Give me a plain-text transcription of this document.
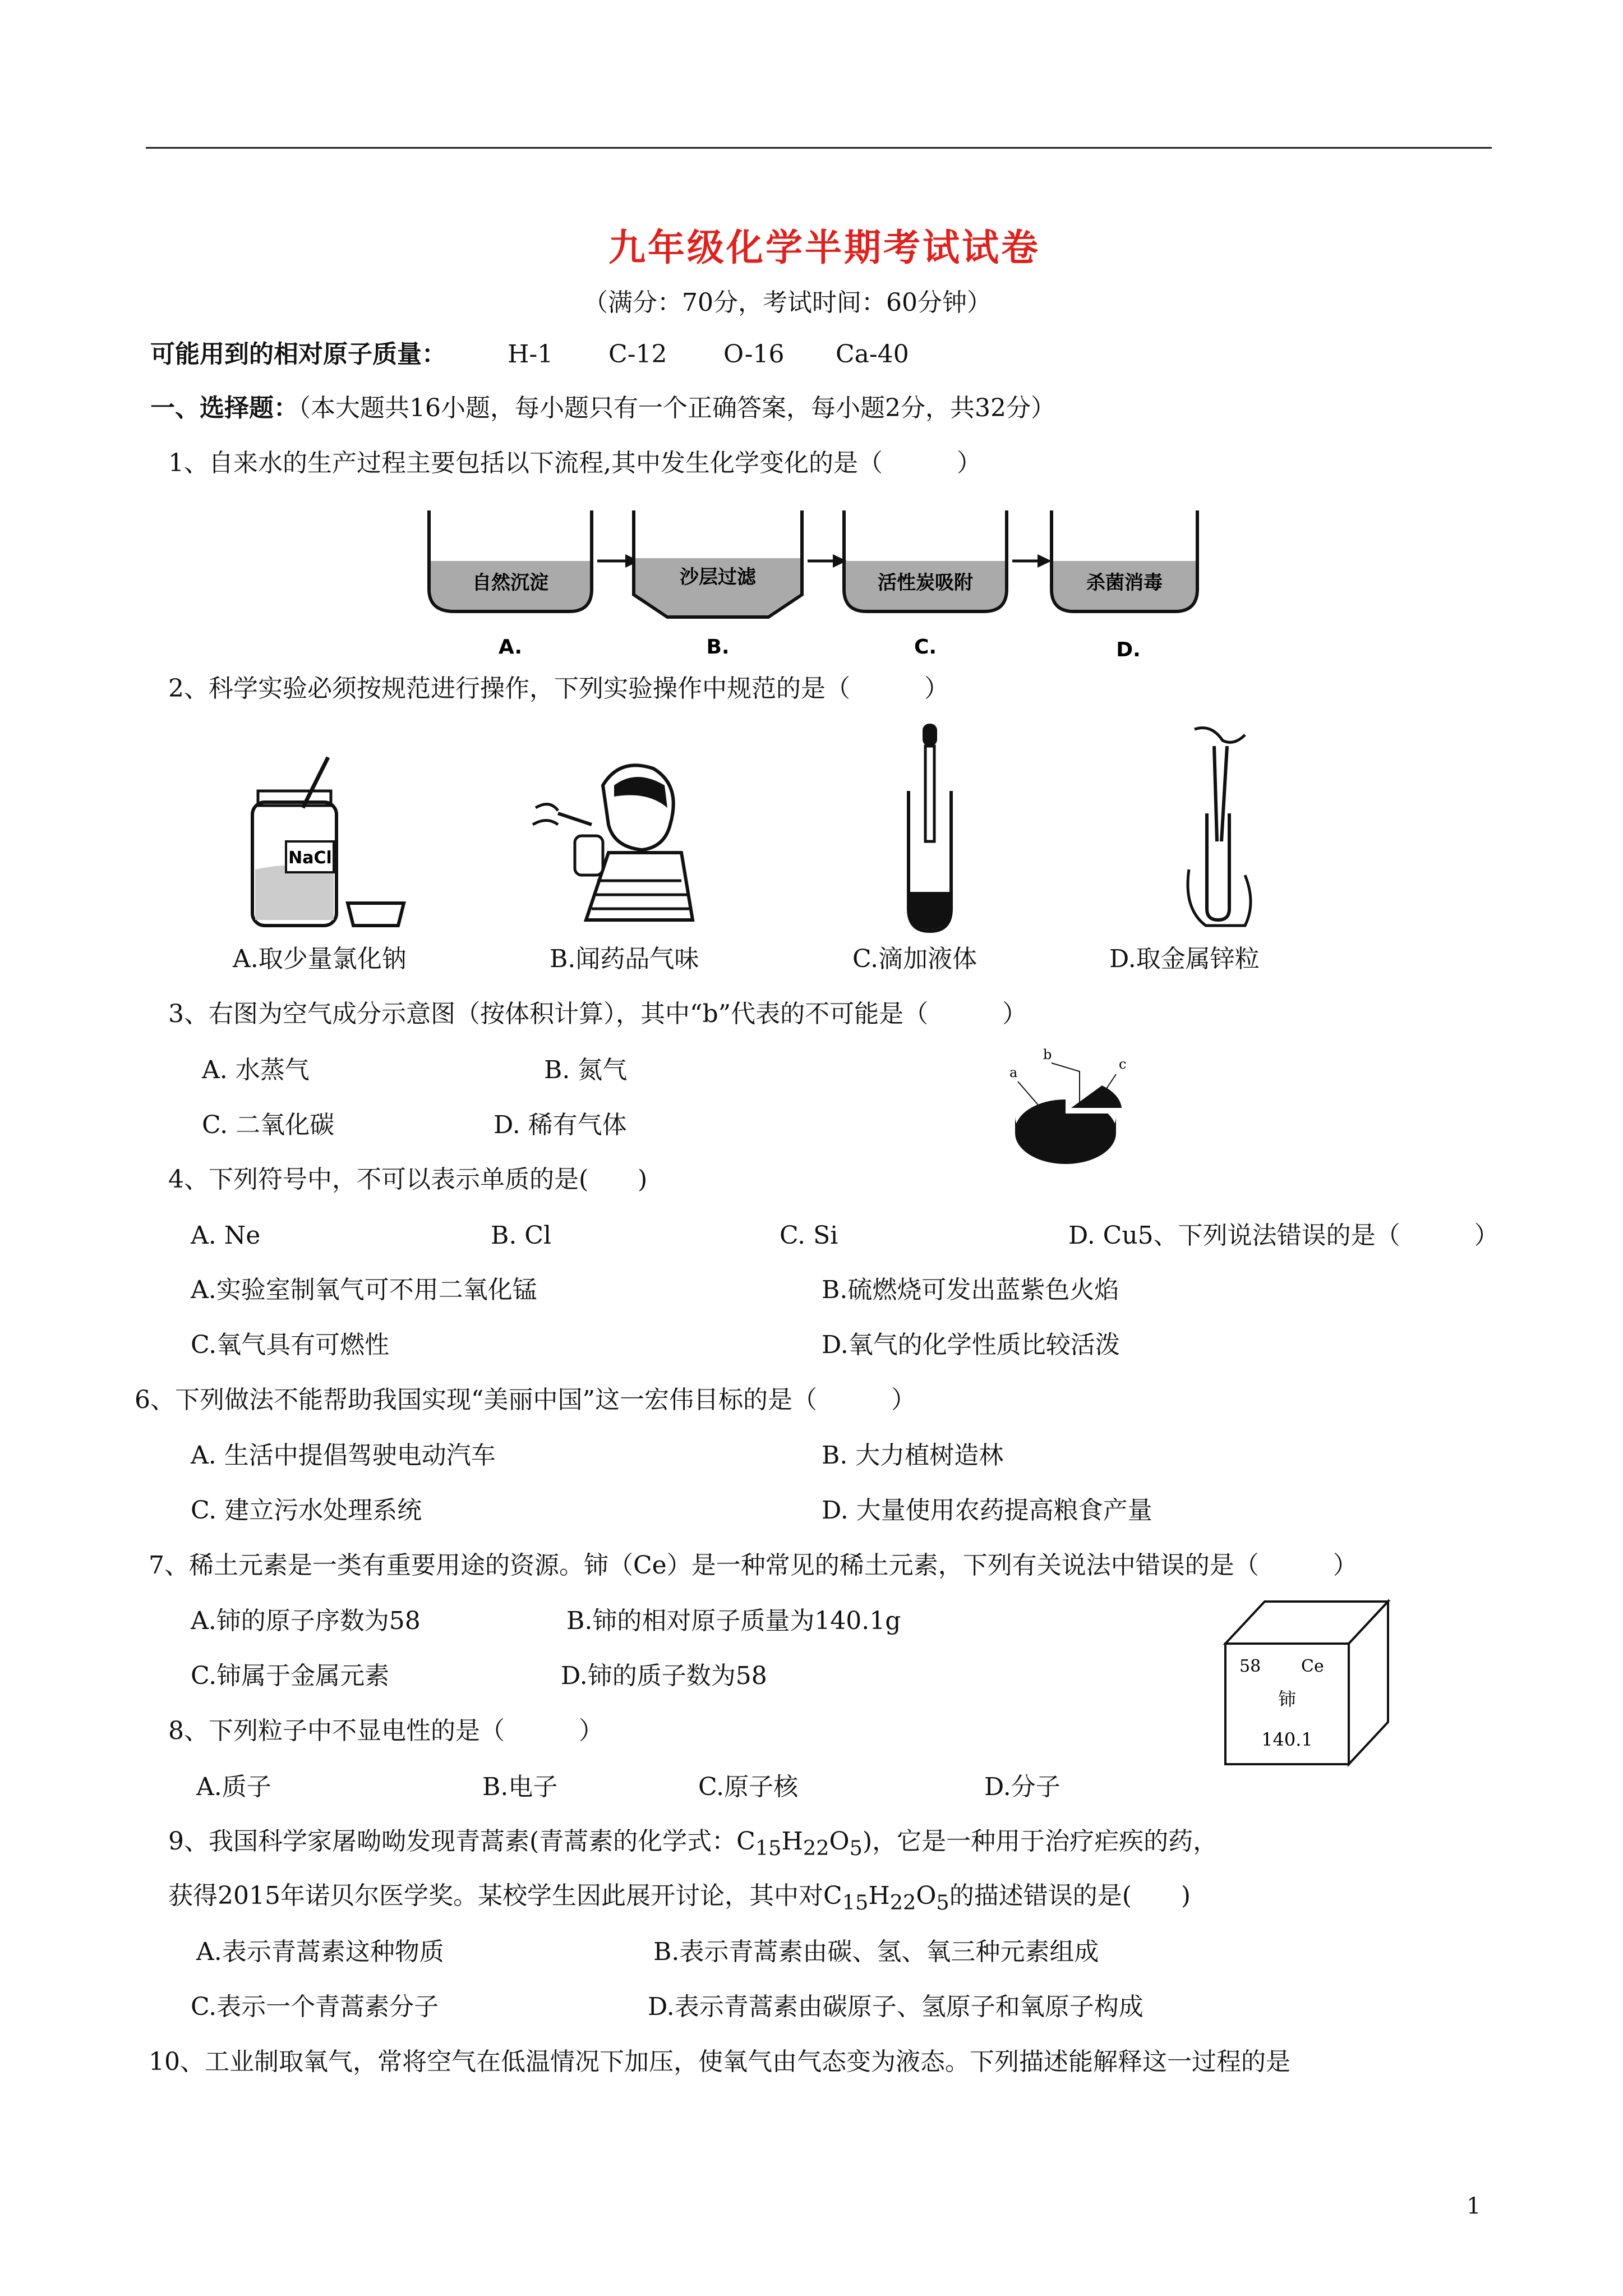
九年级化学半期考试试卷
（满分：70分，考试时间：60分钟）
可能用到的相对原子质量： H-1 C-12 O-16 Ca-40
一、选择题：（本大题共16小题，每小题只有一个正确答案，每小题2分，共32分）
1、自来水的生产过程主要包括以下流程,其中发生化学变化的是（　　　）
自然沉淀	沙层过滤	活性炭吸附	杀菌消毒
A.	B.	C.	D.
2、科学实验必须按规范进行操作，下列实验操作中规范的是（　　　）
NaCl
A.取少量氯化钠	B.闻药品气味	C.滴加液体	D.取金属锌粒
3、右图为空气成分示意图（按体积计算），其中“b”代表的不可能是（　　　）
A. 水蒸气	B. 氮气
C. 二氧化碳	D. 稀有气体
a
b
c
4、下列符号中，不可以表示单质的是(　　)
A. Ne	B. Cl	C. Si	D. Cu5、下列说法错误的是（　　　）
A.实验室制氧气可不用二氧化锰	B.硫燃烧可发出蓝紫色火焰
C.氧气具有可燃性	D.氧气的化学性质比较活泼
6、下列做法不能帮助我国实现“美丽中国”这一宏伟目标的是（　　　）
A. 生活中提倡驾驶电动汽车	B. 大力植树造林
C. 建立污水处理系统	D. 大量使用农药提高粮食产量
7、稀土元素是一类有重要用途的资源。铈（Ce）是一种常见的稀土元素，下列有关说法中错误的是（　　　）
A.铈的原子序数为58	B.铈的相对原子质量为140.1g
C.铈属于金属元素	D.铈的质子数为58	58 Ce
铈
140.1
8、下列粒子中不显电性的是（　　　）
A.质子	B.电子	C.原子核	D.分子
9、我国科学家屠呦呦发现青蒿素(青蒿素的化学式：$C_{15}H_{22}O_5$)，它是一种用于治疗疟疾的药，
获得2015年诺贝尔医学奖。某校学生因此展开讨论，其中对$C_{15}H_{22}O_5$的描述错误的是(　　)
A.表示青蒿素这种物质	B.表示青蒿素由碳、氢、氧三种元素组成
C.表示一个青蒿素分子	D.表示青蒿素由碳原子、氢原子和氧原子构成
10、工业制取氧气，常将空气在低温情况下加压，使氧气由气态变为液态。下列描述能解释这一过程的是
1
